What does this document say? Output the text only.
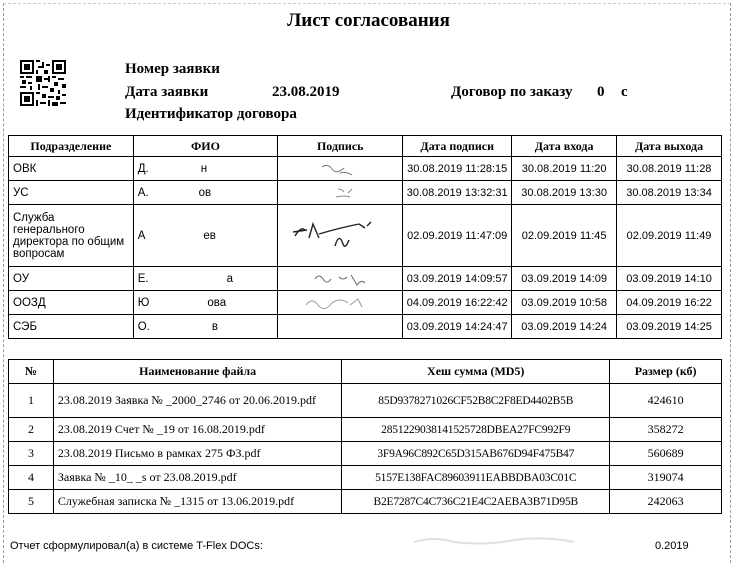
Лист согласования
Номер заявки
Дата заявки	23.08.2019	Договор по заказу 0 с
Идентификатор договора
Подразделение	ФИО	Подпись	Дата подписи	Дата входа	Дата выхода
ОВК	Д. н		30.08.2019 11:28:15	30.08.2019 11:20	30.08.2019 11:28
УС	А. ов		30.08.2019 13:32:31	30.08.2019 13:30	30.08.2019 13:34
Служба генерального директора по общим вопросам	А ев		02.09.2019 11:47:09	02.09.2019 11:45	02.09.2019 11:49
ОУ	Е. а		03.09.2019 14:09:57	03.09.2019 14:09	03.09.2019 14:10
ООЗД	Ю ова		04.09.2019 16:22:42	03.09.2019 10:58	04.09.2019 16:22
СЭБ	О. в		03.09.2019 14:24:47	03.09.2019 14:24	03.09.2019 14:25
№	Наименование файла	Хеш сумма (MD5)	Размер (кб)
1	23.08.2019 Заявка № _2000_2746 от 20.06.2019.pdf	85D9378271026CF52B8C2F8ED4402B5B	424610
2	23.08.2019 Счет № _19 от 16.08.2019.pdf	285122903814152572​8DBEA27FC992F9	358272
3	23.08.2019 Письмо в рамках 275 ФЗ.pdf	3F9A96C892C65D315AB676D94F475B47	560689
4	Заявка № _10_ _s от 23.08.2019.pdf	5157E138FAC89603911EABBDBA03C01C	319074
5	Служебная записка № _1315 от 13.06.2019.pdf	B2E7287C4C736C21E4C2AEBA3B71D95B	242063
Отчет сформулировал(а) в системе T-Flex DOCs:	0.2019
